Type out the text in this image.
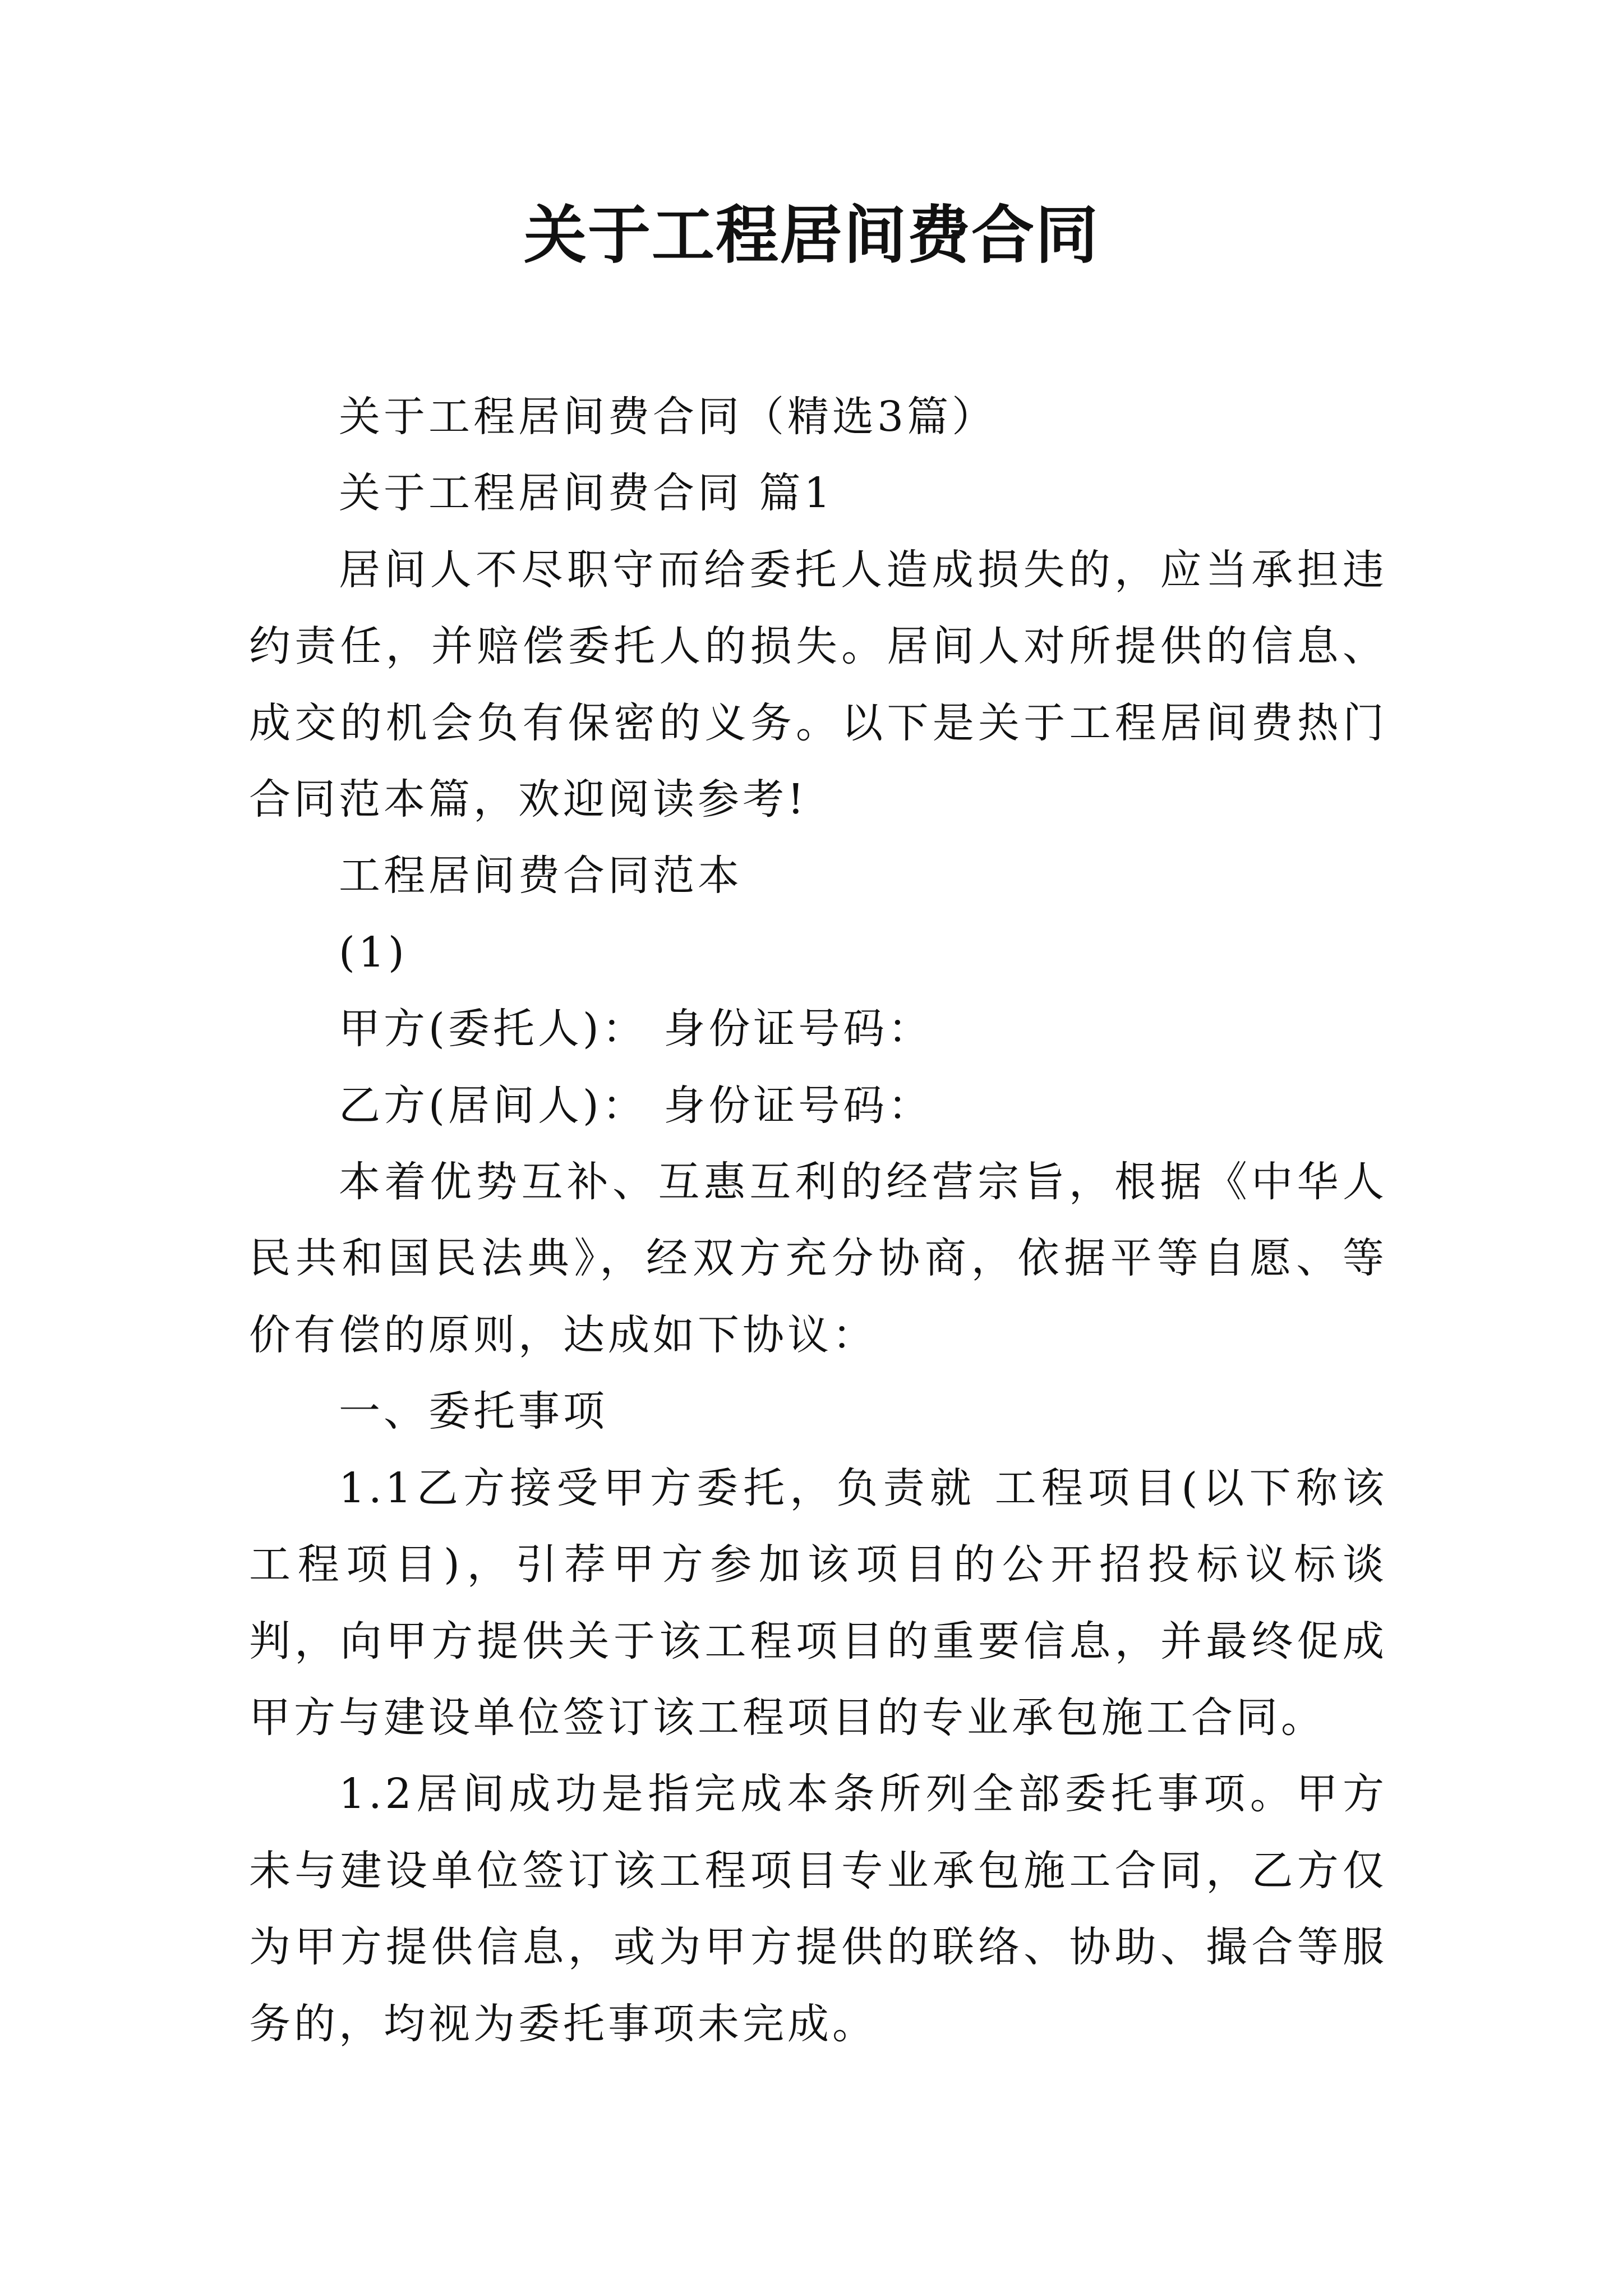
关于工程居间费合同

关于工程居间费合同（精选3篇）

关于工程居间费合同 篇1

居间人不尽职守而给委托人造成损失的，应当承担违约责任，并赔偿委托人的损失。居间人对所提供的信息、成交的机会负有保密的义务。以下是关于工程居间费热门合同范本篇，欢迎阅读参考!

工程居间费合同范本

(1)

甲方(委托人)： 身份证号码：

乙方(居间人)： 身份证号码：

本着优势互补、互惠互利的经营宗旨，根据《中华人民共和国民法典》，经双方充分协商，依据平等自愿、等价有偿的原则，达成如下协议：

一、委托事项

1.1乙方接受甲方委托，负责就 工程项目(以下称该工程项目)，引荐甲方参加该项目的公开招投标议标谈判，向甲方提供关于该工程项目的重要信息，并最终促成甲方与建设单位签订该工程项目的专业承包施工合同。

1.2居间成功是指完成本条所列全部委托事项。甲方未与建设单位签订该工程项目专业承包施工合同，乙方仅为甲方提供信息，或为甲方提供的联络、协助、撮合等服务的，均视为委托事项未完成。
